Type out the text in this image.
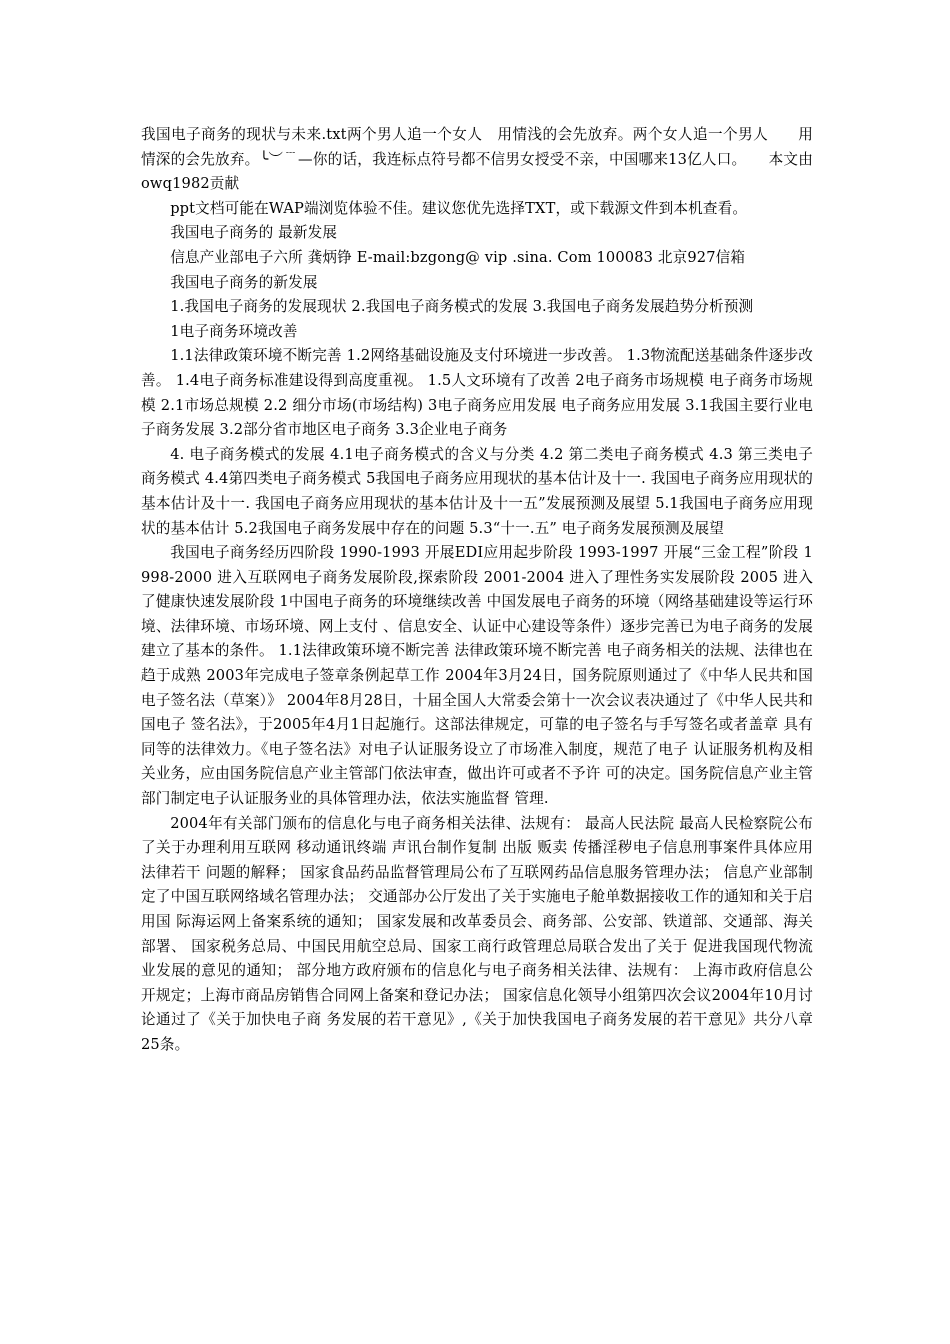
我国电子商务的现状与未来.txt两个男人追一个女人　用情浅的会先放弃。两个女人追一个男人　　用情深的会先放弃。╰︶﹉—你的话，我连标点符号都不信男女授受不亲，中国哪来13亿人口。　　本文由owq1982贡献

ppt文档可能在WAP端浏览体验不佳。建议您优先选择TXT，或下载源文件到本机查看。

我国电子商务的 最新发展

信息产业部电子六所 龚炳铮 E-mail:bzgong@ vip .sina. Com 100083 北京927信箱

我国电子商务的新发展

1.我国电子商务的发展现状 2.我国电子商务模式的发展 3.我国电子商务发展趋势分析预测

1电子商务环境改善

1.1法律政策环境不断完善 1.2网络基础设施及支付环境进一步改善。 1.3物流配送基础条件逐步改善。 1.4电子商务标准建设得到高度重视。 1.5人文环境有了改善 2电子商务市场规模 电子商务市场规模 2.1市场总规模 2.2 细分市场(市场结构) 3电子商务应用发展 电子商务应用发展 3.1我国主要行业电子商务发展 3.2部分省市地区电子商务 3.3企业电子商务

4. 电子商务模式的发展 4.1电子商务模式的含义与分类 4.2 第二类电子商务模式 4.3 第三类电子商务模式 4.4第四类电子商务模式 5我国电子商务应用现状的基本估计及十一. 我国电子商务应用现状的基本估计及十一. 我国电子商务应用现状的基本估计及十一五”发展预测及展望 5.1我国电子商务应用现状的基本估计 5.2我国电子商务发展中存在的问题 5.3“十一.五” 电子商务发展预测及展望

我国电子商务经历四阶段 1990-1993 开展EDI应用起步阶段 1993-1997 开展“三金工程”阶段 1998-2000 进入互联网电子商务发展阶段,探索阶段 2001-2004 进入了理性务实发展阶段 2005 进入了健康快速发展阶段 1中国电子商务的环境继续改善 中国发展电子商务的环境（网络基础建设等运行环境、法律环境、市场环境、网上支付 、信息安全、认证中心建设等条件）逐步完善已为电子商务的发展建立了基本的条件。 1.1法律政策环境不断完善 法律政策环境不断完善 电子商务相关的法规、法律也在趋于成熟 2003年完成电子签章条例起草工作 2004年3月24日，国务院原则通过了《中华人民共和国电子签名法（草案）》 2004年8月28日，十届全国人大常委会第十一次会议表决通过了《中华人民共和国电子 签名法》，于2005年4月1日起施行。这部法律规定，可靠的电子签名与手写签名或者盖章 具有同等的法律效力。《电子签名法》对电子认证服务设立了市场准入制度，规范了电子 认证服务机构及相关业务，应由国务院信息产业主管部门依法审查，做出许可或者不予许 可的决定。国务院信息产业主管部门制定电子认证服务业的具体管理办法，依法实施监督 管理.

2004年有关部门颁布的信息化与电子商务相关法律、法规有： 最高人民法院 最高人民检察院公布了关于办理利用互联网 移动通讯终端 声讯台制作复制 出版 贩卖 传播淫秽电子信息刑事案件具体应用法律若干 问题的解释； 国家食品药品监督管理局公布了互联网药品信息服务管理办法； 信息产业部制定了中国互联网络域名管理办法； 交通部办公厅发出了关于实施电子舱单数据接收工作的通知和关于启用国 际海运网上备案系统的通知； 国家发展和改革委员会、商务部、公安部、铁道部、交通部、海关部署、 国家税务总局、中国民用航空总局、国家工商行政管理总局联合发出了关于 促进我国现代物流业发展的意见的通知； 部分地方政府颁布的信息化与电子商务相关法律、法规有： 上海市政府信息公开规定；上海市商品房销售合同网上备案和登记办法； 国家信息化领导小组第四次会议2004年10月讨论通过了《关于加快电子商 务发展的若干意见》,《关于加快我国电子商务发展的若干意见》共分八章 25条。
